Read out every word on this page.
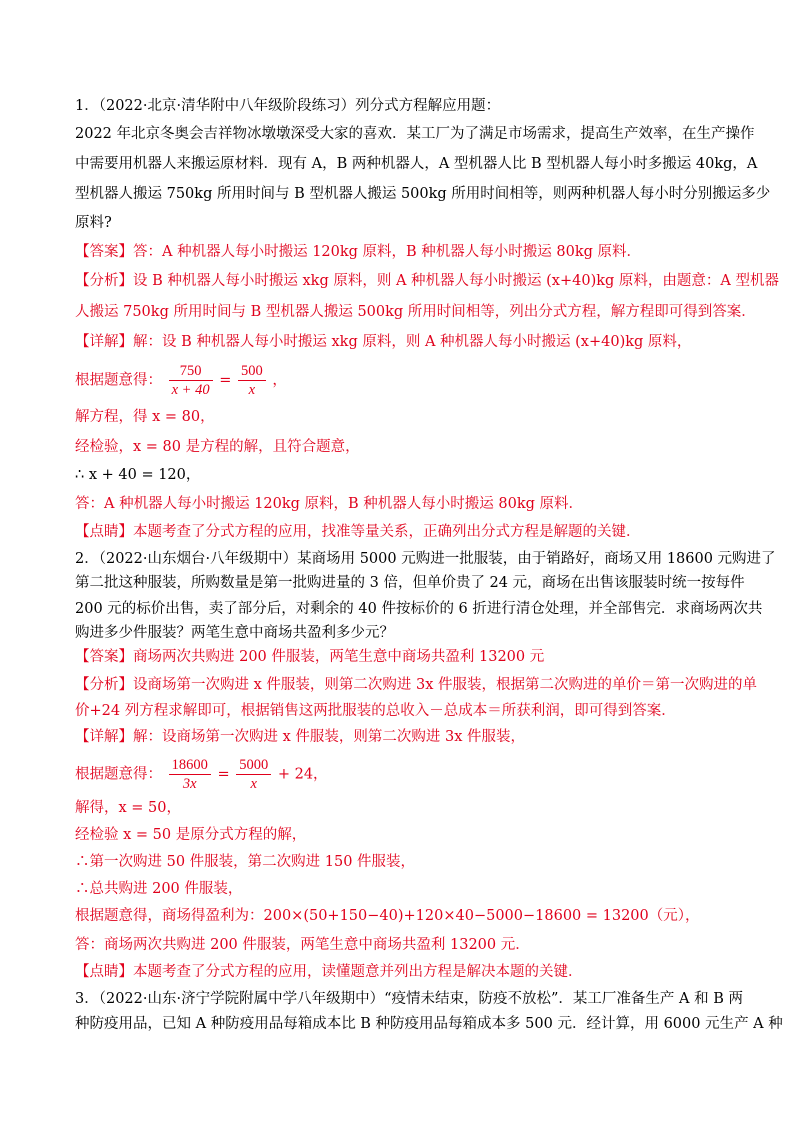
1．（2022·北京·清华附中八年级阶段练习）列分式方程解应用题：
2022 年北京冬奥会吉祥物冰墩墩深受大家的喜欢．某工厂为了满足市场需求，提高生产效率，在生产操作
中需要用机器人来搬运原材料．现有 A，B 两种机器人，A 型机器人比 B 型机器人每小时多搬运 40kg，A
型机器人搬运 750kg 所用时间与 B 型机器人搬运 500kg 所用时间相等，则两种机器人每小时分别搬运多少
原料?
【答案】答：A 种机器人每小时搬运 120kg 原料，B 种机器人每小时搬运 80kg 原料．
【分析】设 B 种机器人每小时搬运 xkg 原料，则 A 种机器人每小时搬运 (x+40)kg 原料，由题意：A 型机器
人搬运 750kg 所用时间与 B 型机器人搬运 500kg 所用时间相等，列出分式方程，解方程即可得到答案．
【详解】解：设 B 种机器人每小时搬运 xkg 原料，则 A 种机器人每小时搬运 (x+40)kg 原料，
根据题意得： $\frac{750}{x + 40} = \frac{500}{x}$ ，
解方程，得 x = 80，
经检验，x = 80 是方程的解，且符合题意，
∴ x + 40 = 120，
答：A 种机器人每小时搬运 120kg 原料，B 种机器人每小时搬运 80kg 原料．
【点睛】本题考查了分式方程的应用，找准等量关系，正确列出分式方程是解题的关键．
2．（2022·山东烟台·八年级期中）某商场用 5000 元购进一批服装，由于销路好，商场又用 18600 元购进了
第二批这种服装，所购数量是第一批购进量的 3 倍，但单价贵了 24 元，商场在出售该服装时统一按每件
200 元的标价出售，卖了部分后，对剩余的 40 件按标价的 6 折进行清仓处理，并全部售完．求商场两次共
购进多少件服装？两笔生意中商场共盈利多少元？
【答案】商场两次共购进 200 件服装，两笔生意中商场共盈利 13200 元
【分析】设商场第一次购进 x 件服装，则第二次购进 3x 件服装，根据第二次购进的单价＝第一次购进的单
价+24 列方程求解即可，根据销售这两批服装的总收入－总成本＝所获利润，即可得到答案．
【详解】解：设商场第一次购进 x 件服装，则第二次购进 3x 件服装，
根据题意得： $\frac{18600}{3x} = \frac{5000}{x} + 24$，
解得，x = 50，
经检验 x = 50 是原分式方程的解，
∴第一次购进 50 件服装，第二次购进 150 件服装，
∴总共购进 200 件服装，
根据题意得，商场得盈利为：200×(50+150−40)+120×40−5000−18600 = 13200（元），
答：商场两次共购进 200 件服装，两笔生意中商场共盈利 13200 元．
【点睛】本题考查了分式方程的应用，读懂题意并列出方程是解决本题的关键．
3．（2022·山东·济宁学院附属中学八年级期中）“疫情未结束，防疫不放松”．某工厂准备生产 A 和 B 两
种防疫用品，已知 A 种防疫用品每箱成本比 B 种防疫用品每箱成本多 500 元．经计算，用 6000 元生产 A 种
